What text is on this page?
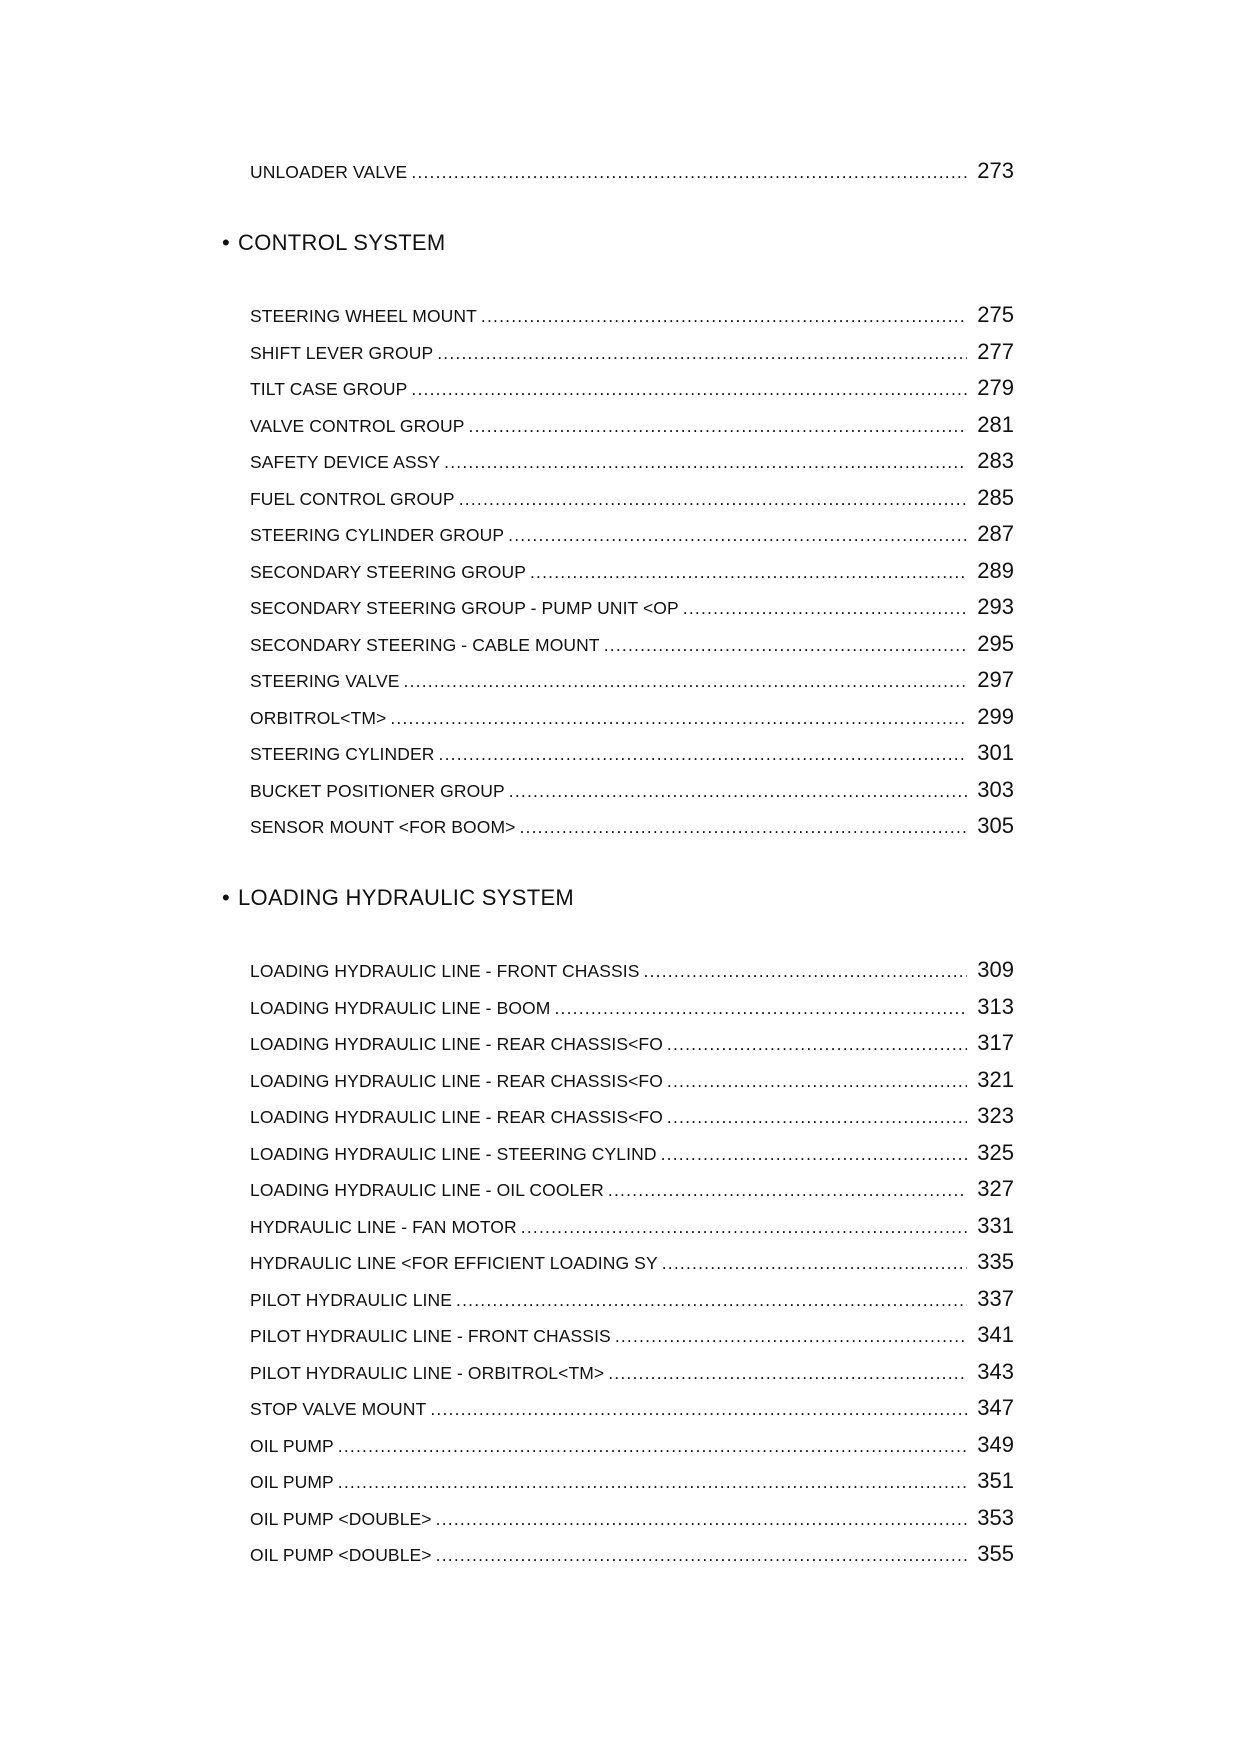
UNLOADER VALVE .....	273
• CONTROL SYSTEM
STEERING WHEEL MOUNT .....	275
SHIFT LEVER GROUP .....	277
TILT CASE GROUP .....	279
VALVE CONTROL GROUP .....	281
SAFETY DEVICE ASSY .....	283
FUEL CONTROL GROUP .....	285
STEERING CYLINDER GROUP .....	287
SECONDARY STEERING GROUP .....	289
SECONDARY STEERING GROUP - PUMP UNIT <OP .....	293
SECONDARY STEERING - CABLE MOUNT .....	295
STEERING VALVE .....	297
ORBITROL<TM> .....	299
STEERING CYLINDER .....	301
BUCKET POSITIONER GROUP .....	303
SENSOR MOUNT <FOR BOOM> .....	305
• LOADING HYDRAULIC SYSTEM
LOADING HYDRAULIC LINE - FRONT CHASSIS .....	309
LOADING HYDRAULIC LINE - BOOM .....	313
LOADING HYDRAULIC LINE - REAR CHASSIS<FO .....	317
LOADING HYDRAULIC LINE - REAR CHASSIS<FO .....	321
LOADING HYDRAULIC LINE - REAR CHASSIS<FO .....	323
LOADING HYDRAULIC LINE - STEERING CYLIND .....	325
LOADING HYDRAULIC LINE - OIL COOLER .....	327
HYDRAULIC LINE - FAN MOTOR .....	331
HYDRAULIC LINE <FOR EFFICIENT LOADING SY .....	335
PILOT HYDRAULIC LINE .....	337
PILOT HYDRAULIC LINE - FRONT CHASSIS .....	341
PILOT HYDRAULIC LINE - ORBITROL<TM> .....	343
STOP VALVE MOUNT .....	347
OIL PUMP .....	349
OIL PUMP .....	351
OIL PUMP <DOUBLE> .....	353
OIL PUMP <DOUBLE> .....	355
